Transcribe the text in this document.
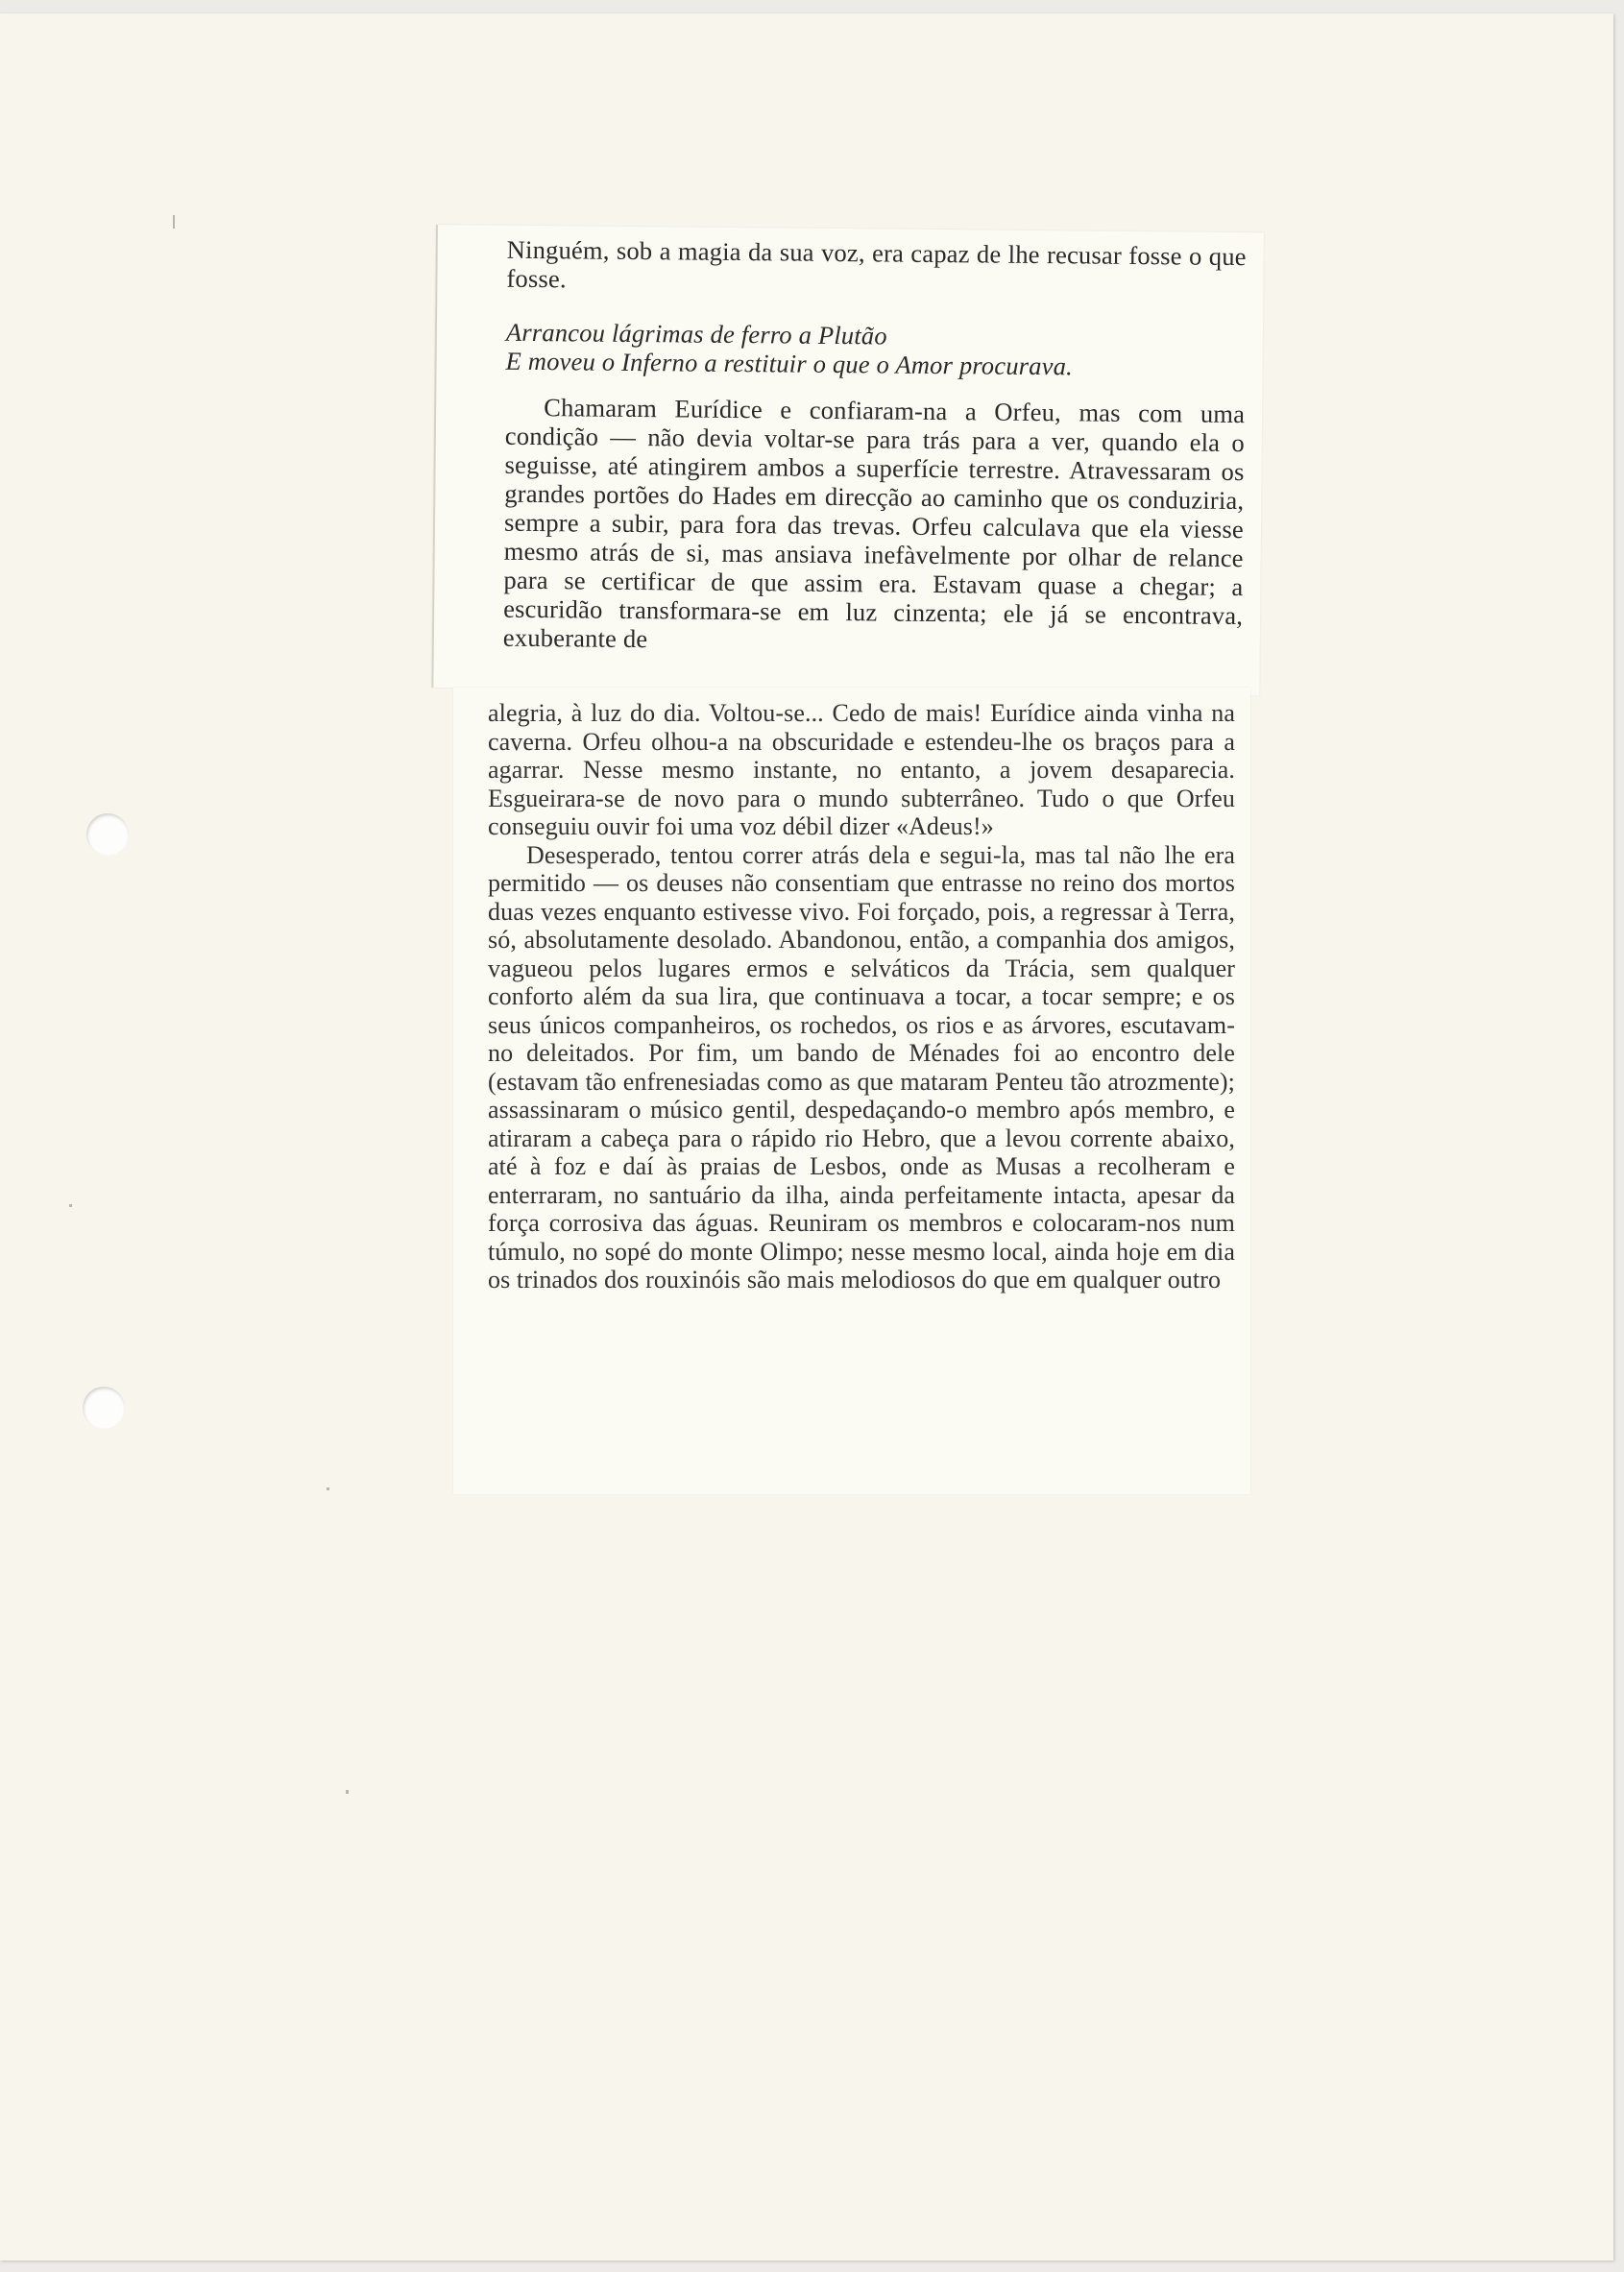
Ninguém, sob a magia da sua voz, era capaz de lhe recusar fosse o que fosse.

Arrancou lágrimas de ferro a Plutão
E moveu o Inferno a restituir o que o Amor procurava.

Chamaram Eurídice e confiaram-na a Orfeu, mas com uma condição — não devia voltar-se para trás para a ver, quando ela o seguisse, até atingirem ambos a superfície terrestre. Atravessaram os grandes portões do Hades em direcção ao caminho que os conduziria, sempre a subir, para fora das trevas. Orfeu calculava que ela viesse mesmo atrás de si, mas ansiava inefàvelmente por olhar de relance para se certificar de que assim era. Estavam quase a chegar; a escuridão transformara-se em luz cinzenta; ele já se encontrava, exuberante de

alegria, à luz do dia. Voltou-se... Cedo de mais! Eurídice ainda vinha na caverna. Orfeu olhou-a na obscuridade e estendeu-lhe os braços para a agarrar. Nesse mesmo instante, no entanto, a jovem desaparecia. Esgueirara-se de novo para o mundo subterrâneo. Tudo o que Orfeu conseguiu ouvir foi uma voz débil dizer «Adeus!»

Desesperado, tentou correr atrás dela e segui-la, mas tal não lhe era permitido — os deuses não consentiam que entrasse no reino dos mortos duas vezes enquanto estivesse vivo. Foi forçado, pois, a regressar à Terra, só, absolutamente desolado. Abandonou, então, a companhia dos amigos, vagueou pelos lugares ermos e selváticos da Trácia, sem qualquer conforto além da sua lira, que continuava a tocar, a tocar sempre; e os seus únicos companheiros, os rochedos, os rios e as árvores, escutavam-no deleitados. Por fim, um bando de Ménades foi ao encontro dele (estavam tão enfrenesiadas como as que mataram Penteu tão atrozmente); assassinaram o músico gentil, despedaçando-o membro após membro, e atiraram a cabeça para o rápido rio Hebro, que a levou corrente abaixo, até à foz e daí às praias de Lesbos, onde as Musas a recolheram e enterraram, no santuário da ilha, ainda perfeitamente intacta, apesar da força corrosiva das águas. Reuniram os membros e colocaram-nos num túmulo, no sopé do monte Olimpo; nesse mesmo local, ainda hoje em dia os trinados dos rouxinóis são mais melodiosos do que em qualquer outro
